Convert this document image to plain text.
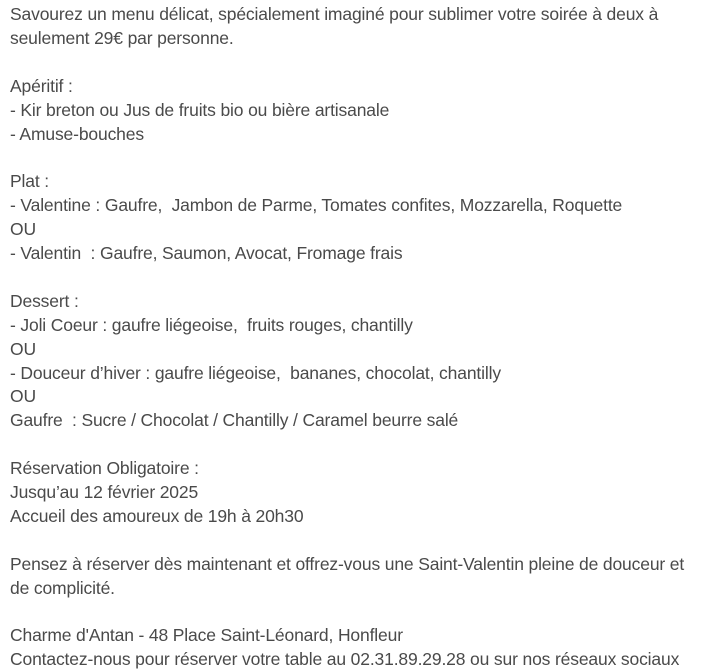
Savourez un menu délicat, spécialement imaginé pour sublimer votre soirée à deux à
seulement 29€ par personne.
Apéritif :
- Kir breton ou Jus de fruits bio ou bière artisanale
- Amuse-bouches
Plat :
- Valentine : Gaufre,  Jambon de Parme, Tomates confites, Mozzarella, Roquette
OU
- Valentin  : Gaufre, Saumon, Avocat, Fromage frais
Dessert :
- Joli Coeur : gaufre liégeoise,  fruits rouges, chantilly
OU
- Douceur d’hiver : gaufre liégeoise,  bananes, chocolat, chantilly
OU
Gaufre  : Sucre / Chocolat / Chantilly / Caramel beurre salé
Réservation Obligatoire :
Jusqu’au 12 février 2025
Accueil des amoureux de 19h à 20h30
Pensez à réserver dès maintenant et offrez-vous une Saint-Valentin pleine de douceur et
de complicité.
Charme d'Antan - 48 Place Saint-Léonard, Honfleur
Contactez-nous pour réserver votre table au 02.31.89.29.28 ou sur nos réseaux sociaux
